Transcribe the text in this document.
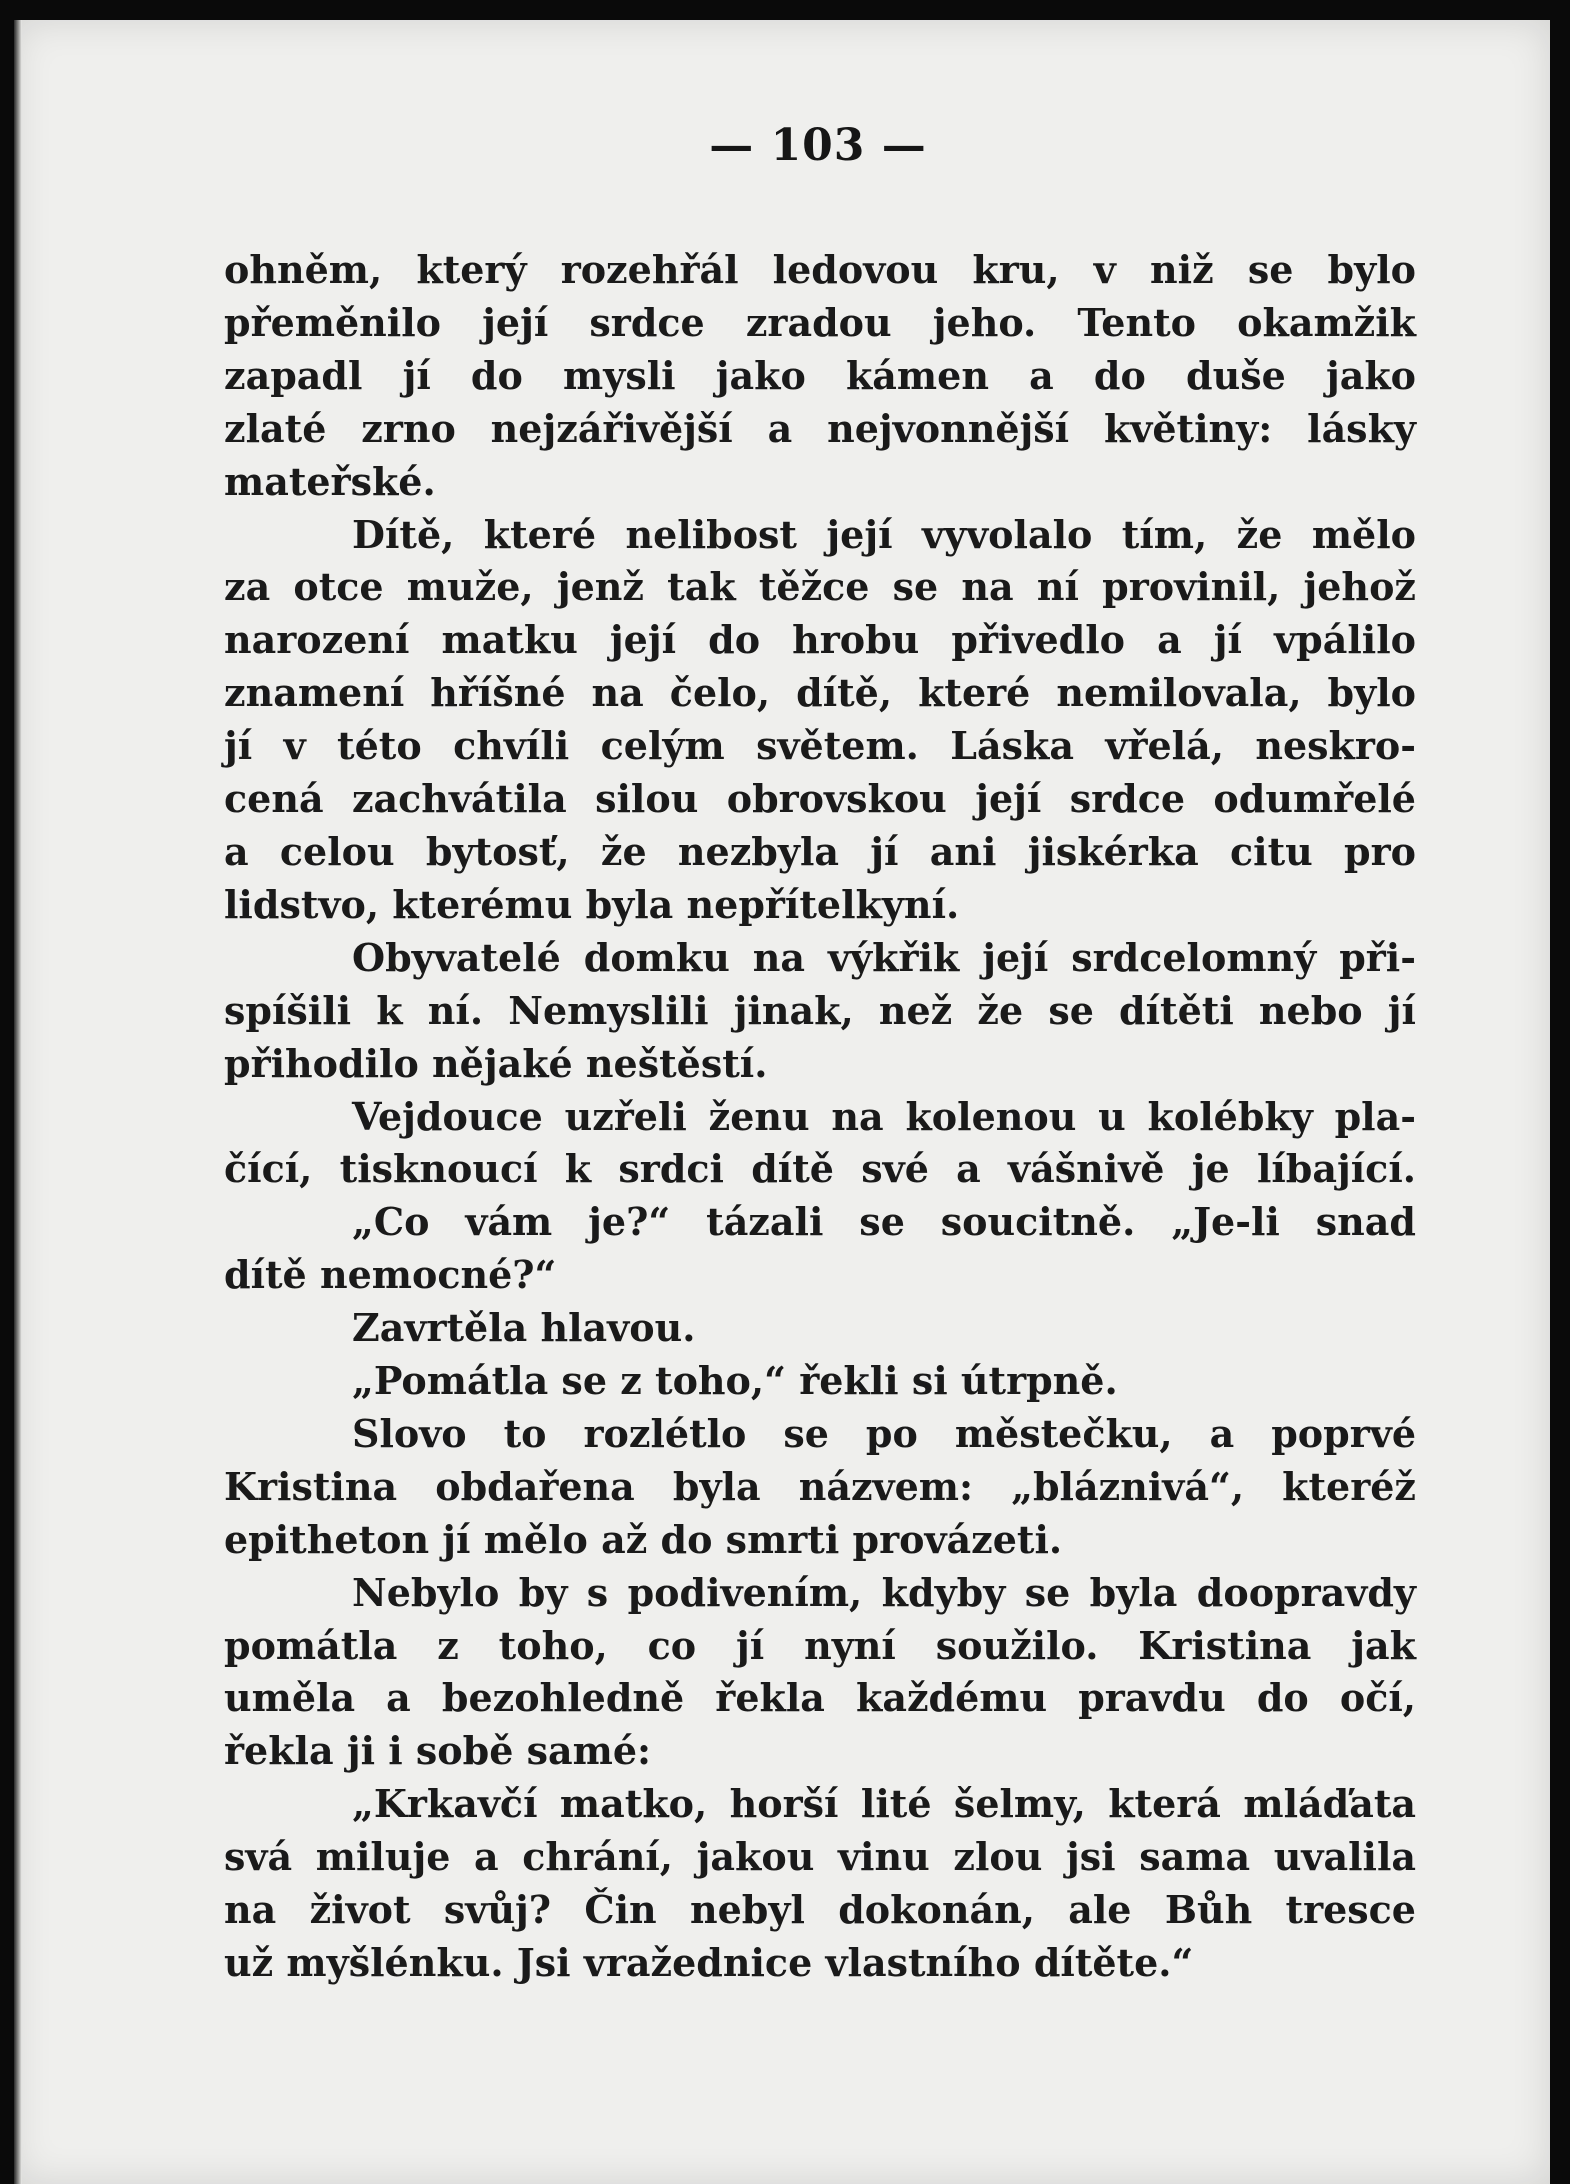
— 103 —
ohněm, který rozehřál ledovou kru, v niž se bylo
přeměnilo její srdce zradou jeho. Tento okamžik
zapadl jí do mysli jako kámen a do duše jako
zlaté zrno nejzářivější a nejvonnější květiny: lásky
mateřské.
Dítě, které nelibost její vyvolalo tím, že mělo
za otce muže, jenž tak těžce se na ní provinil, jehož
narození matku její do hrobu přivedlo a jí vpálilo
znamení hříšné na čelo, dítě, které nemilovala, bylo
jí v této chvíli celým světem. Láska vřelá, neskro-
cená zachvátila silou obrovskou její srdce odumřelé
a celou bytosť, že nezbyla jí ani jiskérka citu pro
lidstvo, kterému byla nepřítelkyní.
Obyvatelé domku na výkřik její srdcelomný při-
spíšili k ní. Nemyslili jinak, než že se dítěti nebo jí
přihodilo nějaké neštěstí.
Vejdouce uzřeli ženu na kolenou u kolébky pla-
čící, tisknoucí k srdci dítě své a vášnivě je líbající.
„Co vám je?“ tázali se soucitně. „Je-li snad
dítě nemocné?“
Zavrtěla hlavou.
„Pomátla se z toho,“ řekli si útrpně.
Slovo to rozlétlo se po městečku, a poprvé
Kristina obdařena byla názvem: „bláznivá“, kteréž
epitheton jí mělo až do smrti provázeti.
Nebylo by s podivením, kdyby se byla doopravdy
pomátla z toho, co jí nyní soužilo. Kristina jak
uměla a bezohledně řekla každému pravdu do očí,
řekla ji i sobě samé:
„Krkavčí matko, horší lité šelmy, která mláďata
svá miluje a chrání, jakou vinu zlou jsi sama uvalila
na život svůj? Čin nebyl dokonán, ale Bůh tresce
už myšlénku. Jsi vražednice vlastního dítěte.“
